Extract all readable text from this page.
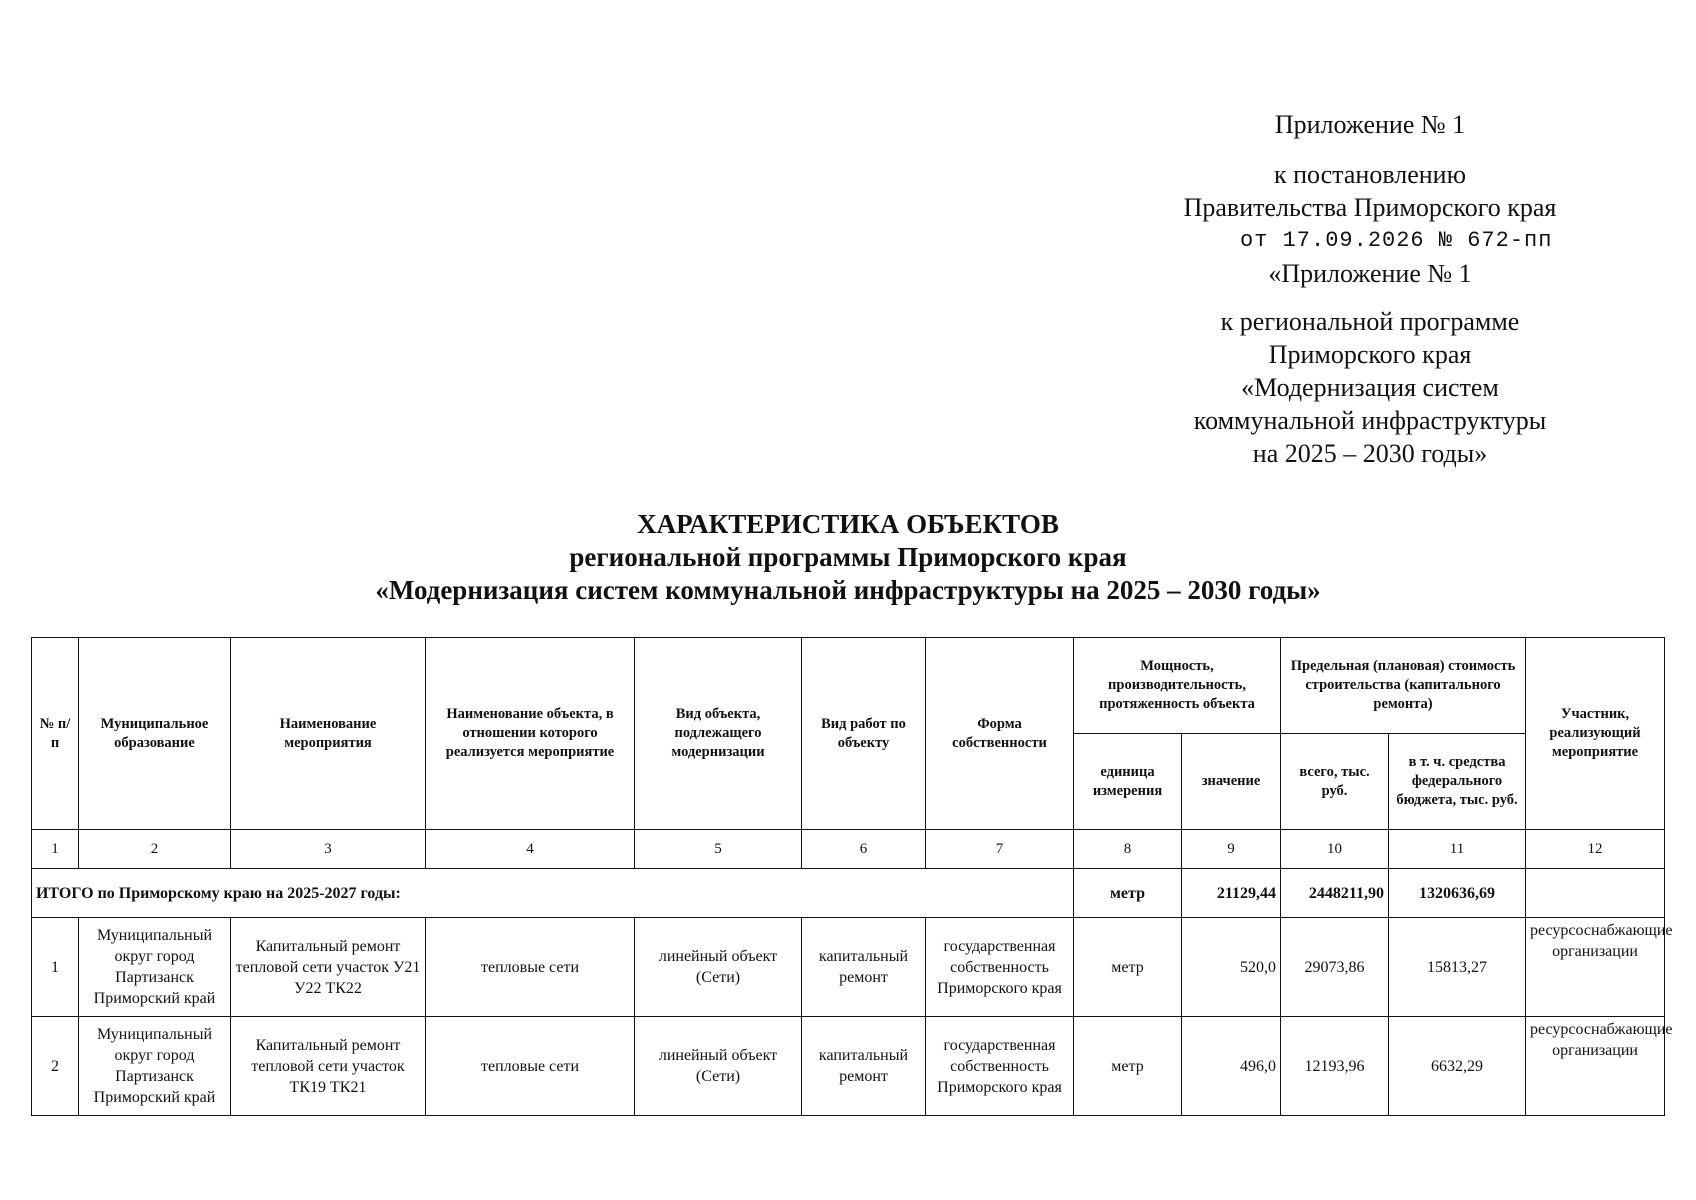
Приложение № 1
к постановлению
Правительства Приморского края
от 17.09.2026 № 672-пп
«Приложение № 1
к региональной программе
Приморского края
«Модернизация систем
коммунальной инфраструктуры
на 2025 – 2030 годы»
ХАРАКТЕРИСТИКА ОБЪЕКТОВ
региональной программы Приморского края
«Модернизация систем коммунальной инфраструктуры на 2025 – 2030 годы»
№ п/п	Муниципальное образование	Наименование мероприятия	Наименование объекта, в отношении которого реализуется мероприятие	Вид объекта, подлежащего модернизации	Вид работ по объекту	Форма собственности	Мощность, производительность, протяженность объекта		Предельная (плановая) стоимость строительства (капитального ремонта)		Участник, реализующий мероприятие
							единица измерения	значение	всего, тыс. руб.	в т. ч. средства федерального бюджета, тыс. руб.	
1	2	3	4	5	6	7	8	9	10	11	12
ИТОГО по Приморскому краю на 2025-2027 годы:							метр	21129,44	2448211,90	1320636,69	
1	Муниципальный округ город Партизанск Приморский край	Капитальный ремонт тепловой сети участок У21 У22 ТК22	тепловые сети	линейный объект (Сети)	капитальный ремонт	государственная собственность Приморского края	метр	520,0	29073,86	15813,27	ресурсоснабжающие организации
2	Муниципальный округ город Партизанск Приморский край	Капитальный ремонт тепловой сети участок ТК19 ТК21	тепловые сети	линейный объект (Сети)	капитальный ремонт	государственная собственность Приморского края	метр	496,0	12193,96	6632,29	ресурсоснабжающие организации
